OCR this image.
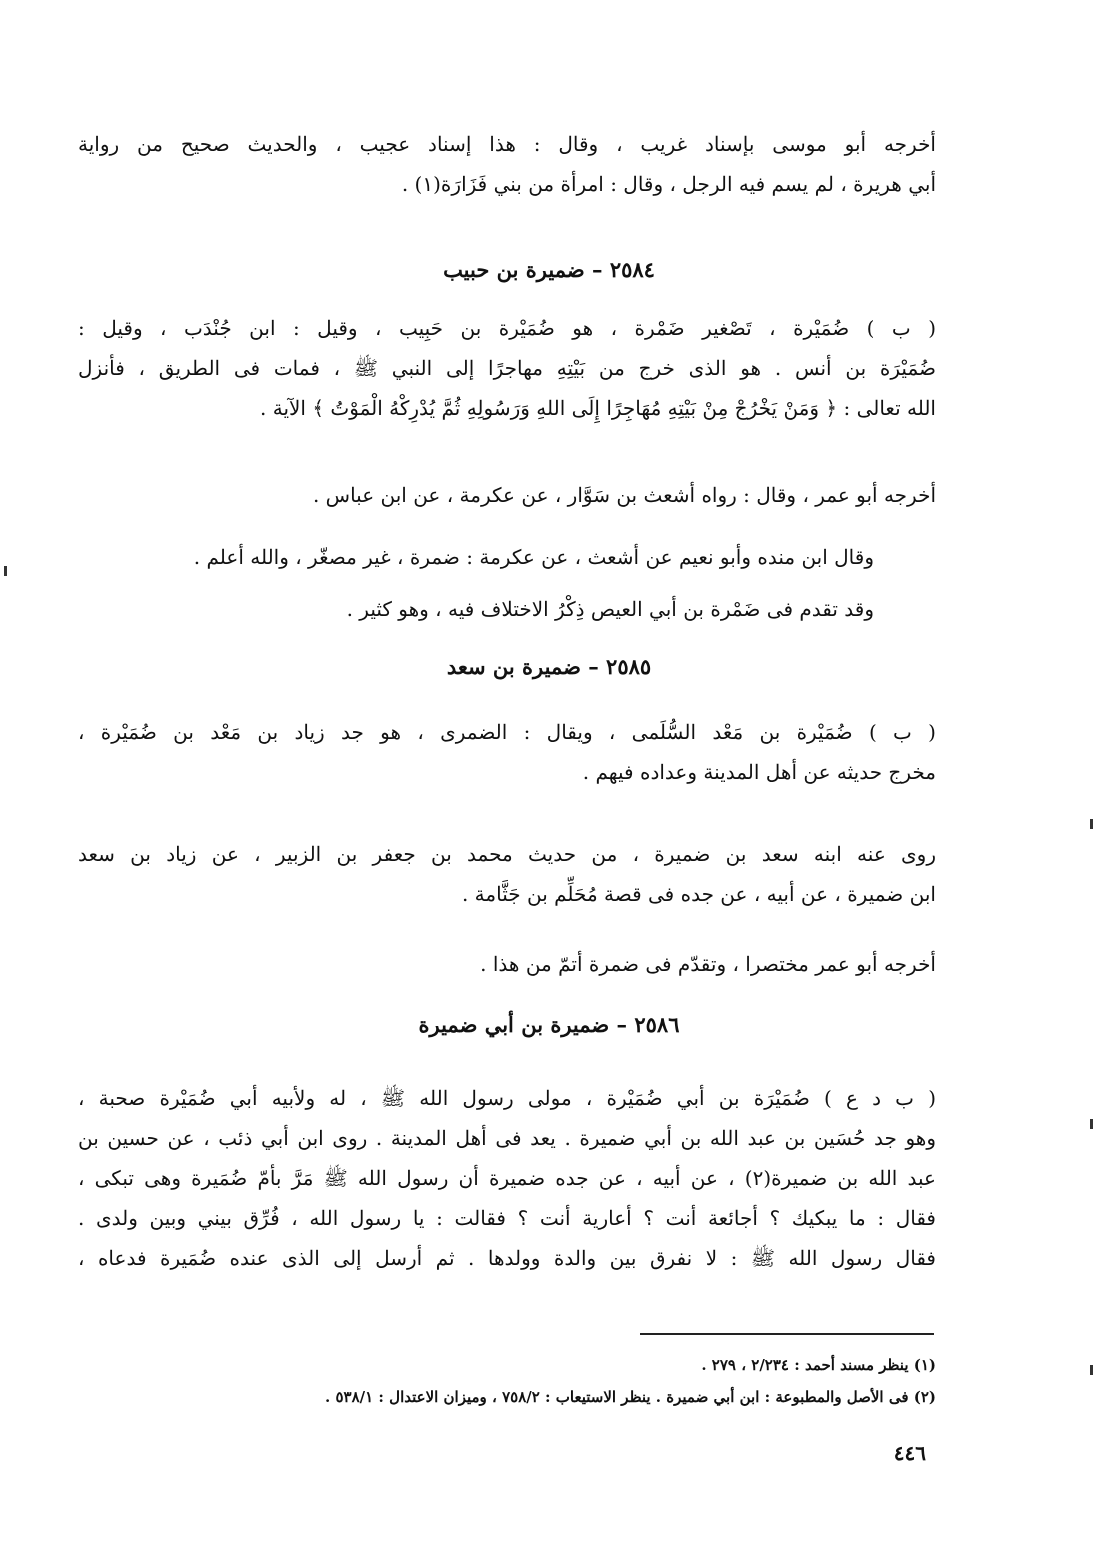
أخرجه أبو موسى بإسناد غريب ، وقال : هذا إسناد عجيب ، والحديث صحيح من رواية
أبي هريرة ، لم يسم فيه الرجل ، وقال : امرأة من بني فَزَارَة(١) .
٢٥٨٤ – ضميرة بن حبيب
( ب ) ضُمَيْرة ، تَصْغير ضَمْرة ، هو ضُمَيْرة بن حَبِيب ، وقيل : ابن جُنْدَب ، وقيل :
ضُمَيْرَة بن أنس . هو الذى خرج من بَيْتِهِ مهاجرًا إلى النبي ﷺ ، فمات فى الطريق ، فأنزل
الله تعالى : ﴿ وَمَنْ يَخْرُجْ مِنْ بَيْتِهِ مُهَاجِرًا إِلَى اللهِ وَرَسُولِهِ ثُمَّ يُدْرِكْهُ الْمَوْتُ ﴾ الآية .
أخرجه أبو عمر ، وقال : رواه أشعث بن سَوَّار ، عن عكرمة ، عن ابن عباس .
وقال ابن منده وأبو نعيم عن أشعث ، عن عكرمة : ضمرة ، غير مصغّر ، والله أعلم .
وقد تقدم فى ضَمْرة بن أبي العيص ذِكْرُ الاختلاف فيه ، وهو كثير .
٢٥٨٥ – ضميرة بن سعد
( ب ) ضُمَيْرة بن مَعْد السُّلَمى ، ويقال : الضمرى ، هو جد زياد بن مَعْد بن ضُمَيْرة ،
مخرج حديثه عن أهل المدينة وعداده فيهم .
روى عنه ابنه سعد بن ضميرة ، من حديث محمد بن جعفر بن الزبير ، عن زياد بن سعد
ابن ضميرة ، عن أبيه ، عن جده فى قصة مُحَلِّم بن جَثَّامة .
أخرجه أبو عمر مختصرا ، وتقدّم فى ضمرة أتمّ من هذا .
٢٥٨٦ – ضميرة بن أبي ضميرة
( ب د ع ) ضُمَيْرَة بن أبي ضُمَيْرة ، مولى رسول الله ﷺ ، له ولأبيه أبي ضُمَيْرة صحبة ،
وهو جد حُسَين بن عبد الله بن أبي ضميرة . يعد فى أهل المدينة . روى ابن أبي ذئب ، عن حسين بن
عبد الله بن ضميرة(٢) ، عن أبيه ، عن جده ضميرة أن رسول الله ﷺ مَرَّ بأمّ ضُمَيرة وهى تبكى ،
فقال : ما يبكيك ؟ أجائعة أنت ؟ أعارية أنت ؟ فقالت : يا رسول الله ، فُرِّق بيني وبين ولدى .
فقال رسول الله ﷺ : لا نفرق بين والدة وولدها . ثم أرسل إلى الذى عنده ضُمَيرة فدعاه ،
(١) ينظر مسند أحمد : ٢/٢٣٤ ، ٢٧٩ .
(٢) فى الأصل والمطبوعة : ابن أبي ضميرة . ينظر الاستيعاب : ٧٥٨/٢ ، وميزان الاعتدال : ٥٣٨/١ .
٤٤٦
